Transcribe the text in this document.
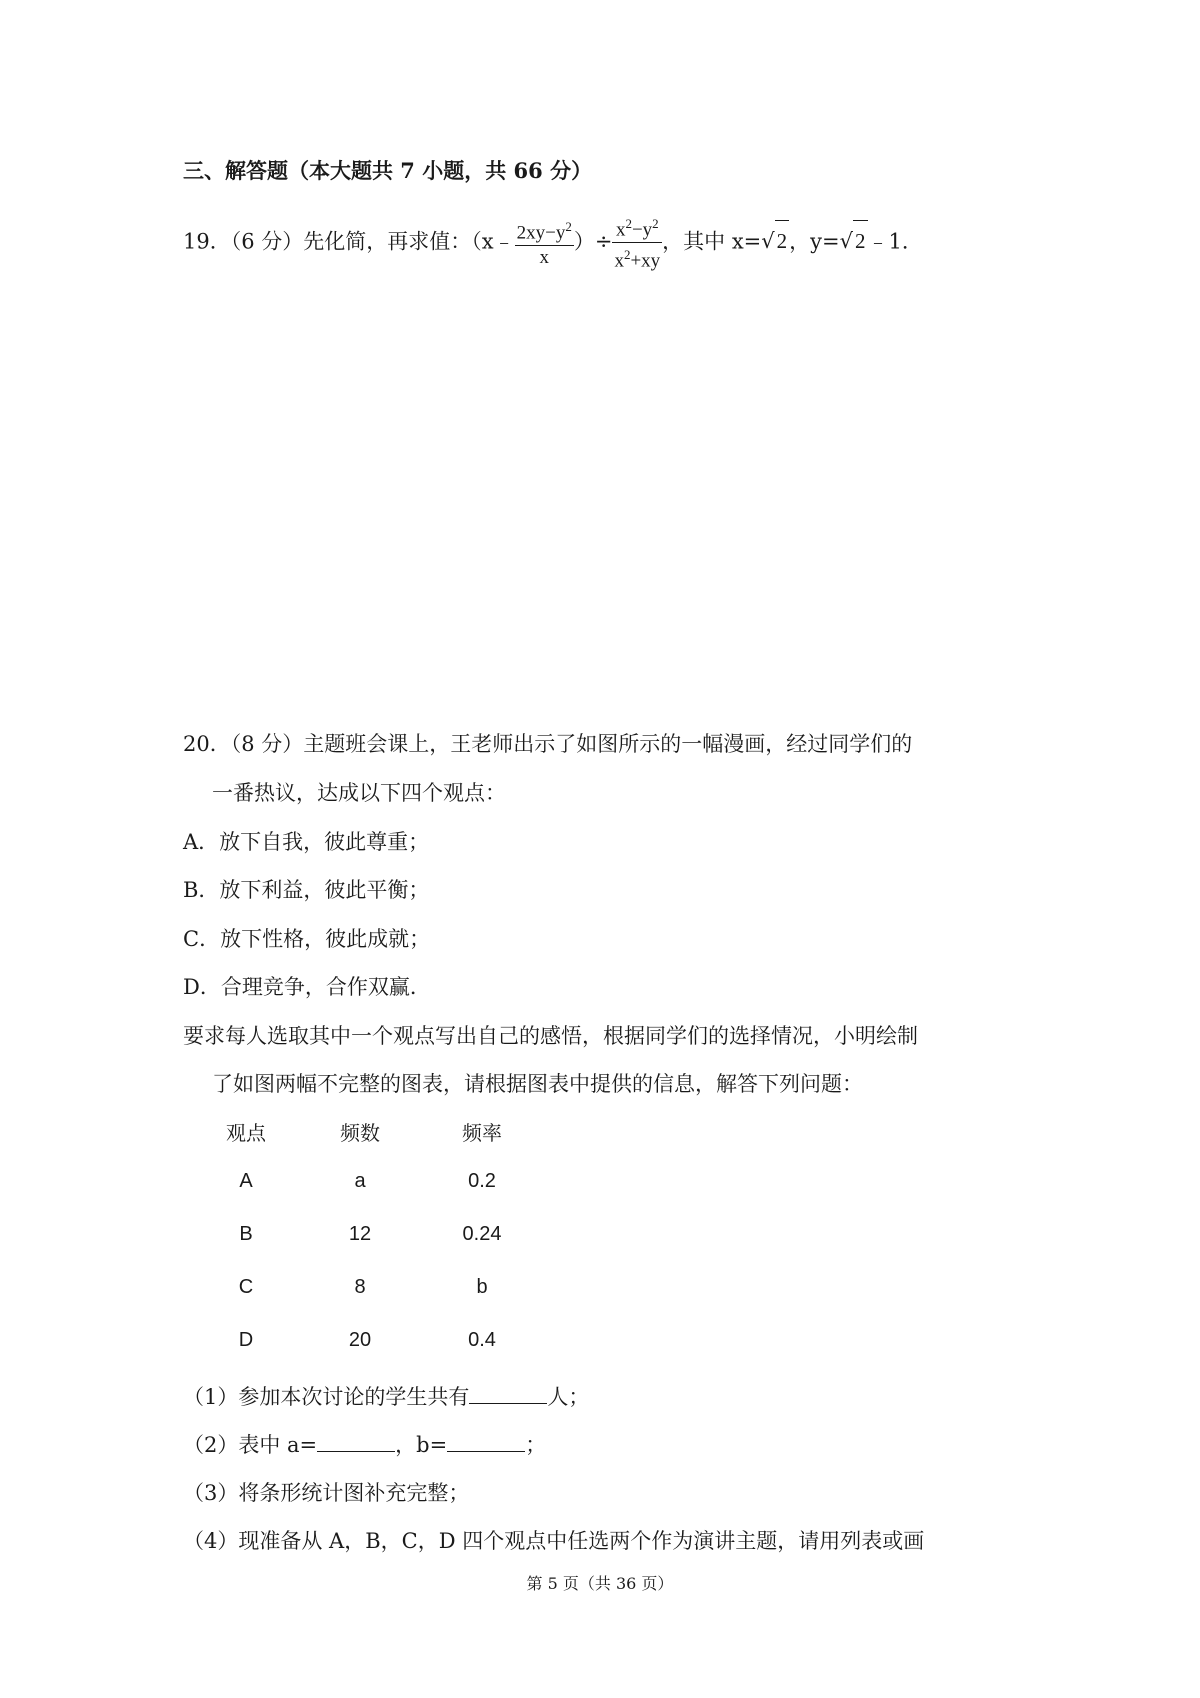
三、解答题（本大题共 7 小题，共 66 分）
19．（6 分）先化简，再求值：（x﹣ $\frac{2xy-y^2}{x}$ ）÷ $\frac{x^2-y^2}{x^2+xy}$ ，其中 x=√2，y=√2﹣1．
20．（8 分）主题班会课上，王老师出示了如图所示的一幅漫画，经过同学们的
一番热议，达成以下四个观点：
A．放下自我，彼此尊重；
B．放下利益，彼此平衡；
C．放下性格，彼此成就；
D．合理竞争，合作双赢．
要求每人选取其中一个观点写出自己的感悟，根据同学们的选择情况，小明绘制
了如图两幅不完整的图表，请根据图表中提供的信息，解答下列问题：
观点	频数	频率
A	a	0.2
B	12	0.24
C	8	b
D	20	0.4
（1）参加本次讨论的学生共有	人；
（2）表中 a=	，b=	；
（3）将条形统计图补充完整；
（4）现准备从 A，B，C，D 四个观点中任选两个作为演讲主题，请用列表或画
第 5 页（共 36 页）
